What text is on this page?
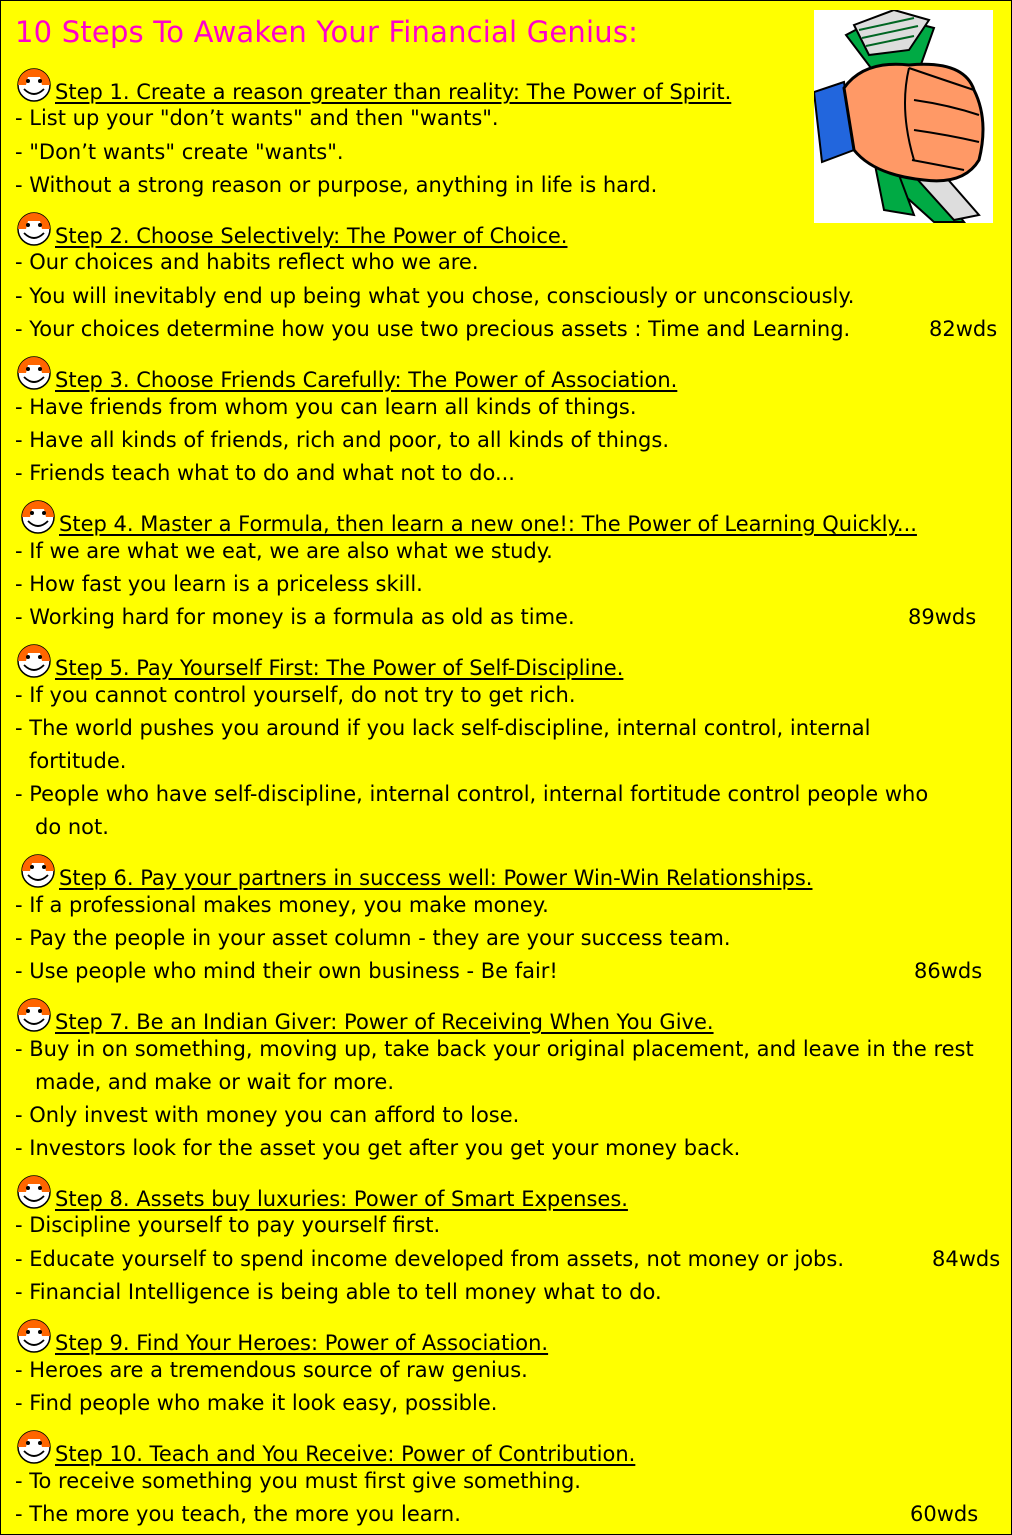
10 Steps To Awaken Your Financial Genius:
Step 1. Create a reason greater than reality: The Power of Spirit.
- List up your "don’t wants" and then "wants".
- "Don’t wants" create "wants".
- Without a strong reason or purpose, anything in life is hard.
Step 2. Choose Selectively: The Power of Choice.
- Our choices and habits reflect who we are.
- You will inevitably end up being what you chose, consciously or unconsciously.
- Your choices determine how you use two precious assets : Time and Learning.	82wds
Step 3. Choose Friends Carefully: The Power of Association.
- Have friends from whom you can learn all kinds of things.
- Have all kinds of friends, rich and poor, to all kinds of things.
- Friends teach what to do and what not to do...
Step 4. Master a Formula, then learn a new one!: The Power of Learning Quickly...
- If we are what we eat, we are also what we study.
- How fast you learn is a priceless skill.
- Working hard for money is a formula as old as time.	89wds
Step 5. Pay Yourself First: The Power of Self-Discipline.
- If you cannot control yourself, do not try to get rich.
- The world pushes you around if you lack self-discipline, internal control, internal
fortitude.
- People who have self-discipline, internal control, internal fortitude control people who
do not.
Step 6. Pay your partners in success well: Power Win-Win Relationships.
- If a professional makes money, you make money.
- Pay the people in your asset column - they are your success team.
- Use people who mind their own business - Be fair!	86wds
Step 7. Be an Indian Giver: Power of Receiving When You Give.
- Buy in on something, moving up, take back your original placement, and leave in the rest
made, and make or wait for more.
- Only invest with money you can afford to lose.
- Investors look for the asset you get after you get your money back.
Step 8. Assets buy luxuries: Power of Smart Expenses.
- Discipline yourself to pay yourself first.
- Educate yourself to spend income developed from assets, not money or jobs.	84wds
- Financial Intelligence is being able to tell money what to do.
Step 9. Find Your Heroes: Power of Association.
- Heroes are a tremendous source of raw genius.
- Find people who make it look easy, possible.
Step 10. Teach and You Receive: Power of Contribution.
- To receive something you must first give something.
- The more you teach, the more you learn.	60wds
